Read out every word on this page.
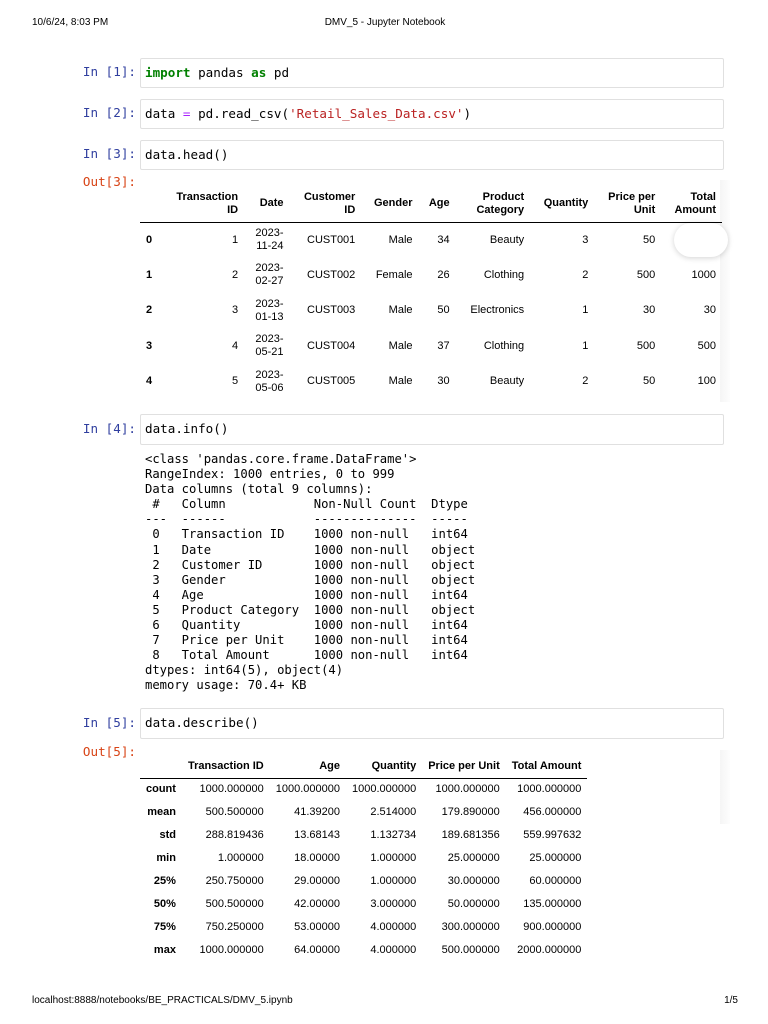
10/6/24, 8:03 PM	DMV_5 - Jupyter Notebook
In [1]: import pandas as pd
In [2]: data = pd.read_csv('Retail_Sales_Data.csv')
In [3]: data.head()
Out[3]:
	Transaction
ID	Date	Customer
ID	Gender	Age	Product
Category	Quantity	Price per
Unit	Total
Amount
0	1	2023-
11-24	CUST001	Male	34	Beauty	3	50	
1	2	2023-
02-27	CUST002	Female	26	Clothing	2	500	1000
2	3	2023-
01-13	CUST003	Male	50	Electronics	1	30	30
3	4	2023-
05-21	CUST004	Male	37	Clothing	1	500	500
4	5	2023-
05-06	CUST005	Male	30	Beauty	2	50	100
In [4]: data.info()
<class 'pandas.core.frame.DataFrame'>
RangeIndex: 1000 entries, 0 to 999
Data columns (total 9 columns):
#   Column            Non-Null Count  Dtype
---  ------            --------------  -----
0   Transaction ID    1000 non-null   int64
1   Date              1000 non-null   object
2   Customer ID       1000 non-null   object
3   Gender            1000 non-null   object
4   Age               1000 non-null   int64
5   Product Category  1000 non-null   object
6   Quantity          1000 non-null   int64
7   Price per Unit    1000 non-null   int64
8   Total Amount      1000 non-null   int64
dtypes: int64(5), object(4)
memory usage: 70.4+ KB
In [5]: data.describe()
Out[5]:
	Transaction ID	Age	Quantity	Price per Unit	Total Amount
count	1000.000000	1000.000000	1000.000000	1000.000000	1000.000000
mean	500.500000	41.39200	2.514000	179.890000	456.000000
std	288.819436	13.68143	1.132734	189.681356	559.997632
min	1.000000	18.00000	1.000000	25.000000	25.000000
25%	250.750000	29.00000	1.000000	30.000000	60.000000
50%	500.500000	42.00000	3.000000	50.000000	135.000000
75%	750.250000	53.00000	4.000000	300.000000	900.000000
max	1000.000000	64.00000	4.000000	500.000000	2000.000000
localhost:8888/notebooks/BE_PRACTICALS/DMV_5.ipynb	1/5
